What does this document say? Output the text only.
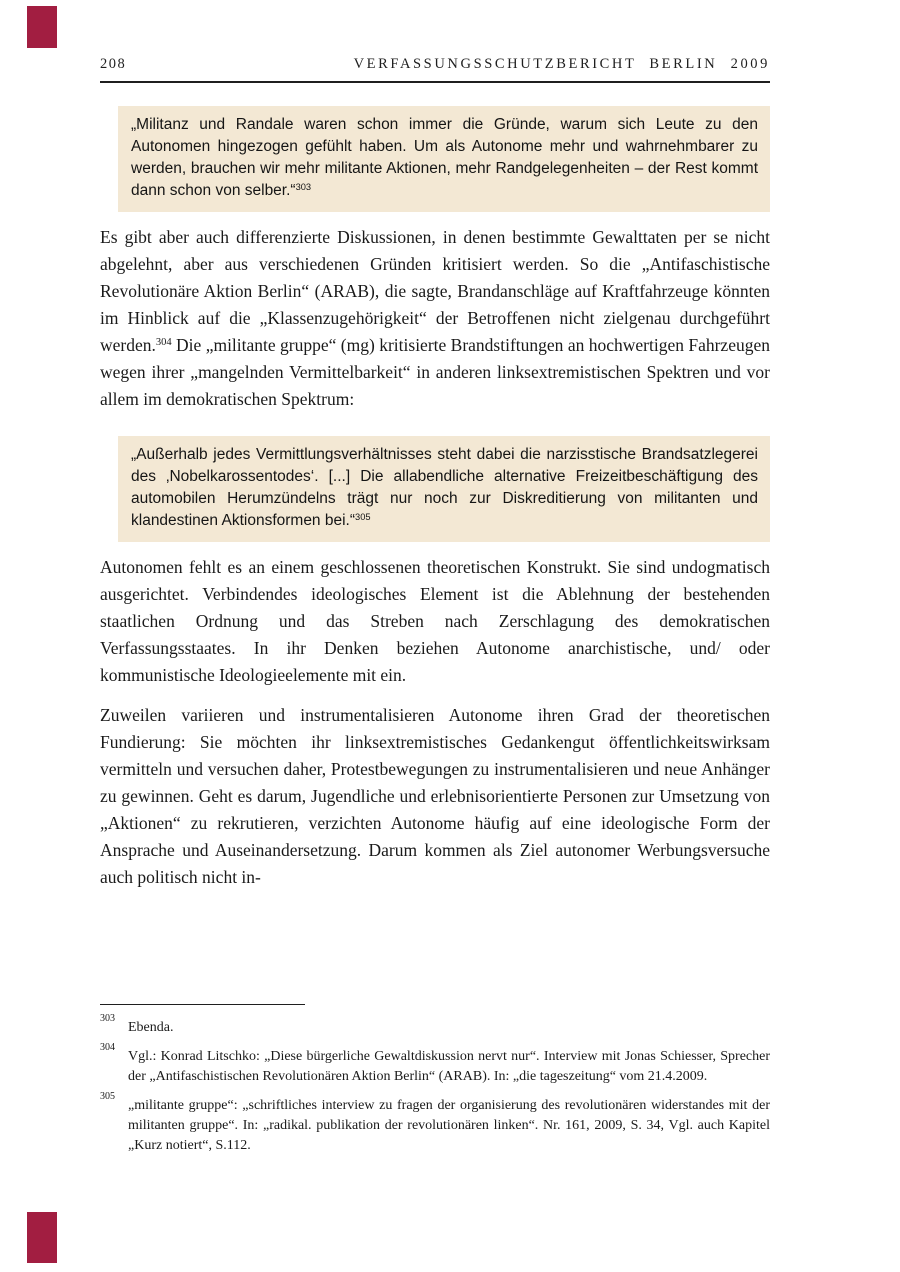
208	VERFASSUNGSSCHUTZBERICHT BERLIN 2009
„Militanz und Randale waren schon immer die Gründe, warum sich Leute zu den Autonomen hingezogen gefühlt haben. Um als Autonome mehr und wahrnehmbarer zu werden, brauchen wir mehr militante Aktionen, mehr Randgelegenheiten – der Rest kommt dann schon von selber.“$^{303}$

Es gibt aber auch differenzierte Diskussionen, in denen bestimmte Gewalttaten per se nicht abgelehnt, aber aus verschiedenen Gründen kritisiert werden. So die „Antifaschistische Revolutionäre Aktion Berlin“ (ARAB), die sagte, Brandanschläge auf Kraftfahrzeuge könnten im Hinblick auf die „Klassenzugehörigkeit“ der Betroffenen nicht zielgenau durchgeführt werden.$^{304}$ Die „militante gruppe“ (mg) kritisierte Brandstiftungen an hochwertigen Fahrzeugen wegen ihrer „mangelnden Vermittelbarkeit“ in anderen linksextremistischen Spektren und vor allem im demokratischen Spektrum:

„Außerhalb jedes Vermittlungsverhältnisses steht dabei die narzisstische Brandsatzlegerei des ‚Nobelkarossentodes‘. [...] Die allabendliche alternative Freizeitbeschäftigung des automobilen Herumzündelns trägt nur noch zur Diskreditierung von militanten und klandestinen Aktionsformen bei.“$^{305}$

Autonomen fehlt es an einem geschlossenen theoretischen Konstrukt. Sie sind undogmatisch ausgerichtet. Verbindendes ideologisches Element ist die Ablehnung der bestehenden staatlichen Ordnung und das Streben nach Zerschlagung des demokratischen Verfassungsstaates. In ihr Denken beziehen Autonome anarchistische, und/ oder kommunistische Ideologieelemente mit ein.

Zuweilen variieren und instrumentalisieren Autonome ihren Grad der theoretischen Fundierung: Sie möchten ihr linksextremistisches Gedankengut öffentlichkeitswirksam vermitteln und versuchen daher, Protestbewegungen zu instrumentalisieren und neue Anhänger zu gewinnen. Geht es darum, Jugendliche und erlebnisorientierte Personen zur Umsetzung von „Aktionen“ zu rekrutieren, verzichten Autonome häufig auf eine ideologische Form der Ansprache und Auseinandersetzung. Darum kommen als Ziel autonomer Werbungsversuche auch politisch nicht in-

$^{303}$
Ebenda.
$^{304}$
Vgl.: Konrad Litschko: „Diese bürgerliche Gewaltdiskussion nervt nur“. Interview mit Jonas Schiesser, Sprecher der „Antifaschistischen Revolutionären Aktion Berlin“ (ARAB). In: „die tageszeitung“ vom 21.4.2009.
$^{305}$
„militante gruppe“: „schriftliches interview zu fragen der organisierung des revolutionären widerstandes mit der militanten gruppe“. In: „radikal. publikation der revolutionären linken“. Nr. 161, 2009, S. 34, Vgl. auch Kapitel „Kurz notiert“, S.112.
